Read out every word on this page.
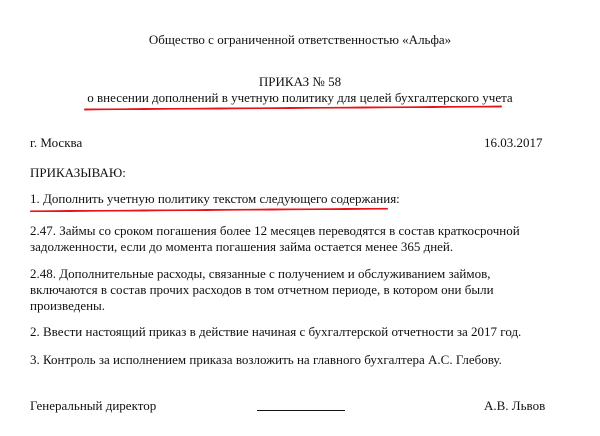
Общество с ограниченной ответственностью «Альфа»
ПРИКАЗ № 58
о внесении дополнений в учетную политику для целей бухгалтерского учета
г. Москва	16.03.2017
ПРИКАЗЫВАЮ:
1. Дополнить учетную политику текстом следующего содержания:
2.47. Займы со сроком погашения более 12 месяцев переводятся в состав краткосрочной
задолженности, если до момента погашения займа остается менее 365 дней.
2.48. Дополнительные расходы, связанные с получением и обслуживанием займов,
включаются в состав прочих расходов в том отчетном периоде, в котором они были
произведены.
2. Ввести настоящий приказ в действие начиная с бухгалтерской отчетности за 2017 год.
3. Контроль за исполнением приказа возложить на главного бухгалтера А.С. Глебову.
Генеральный директор	А.В. Львов
